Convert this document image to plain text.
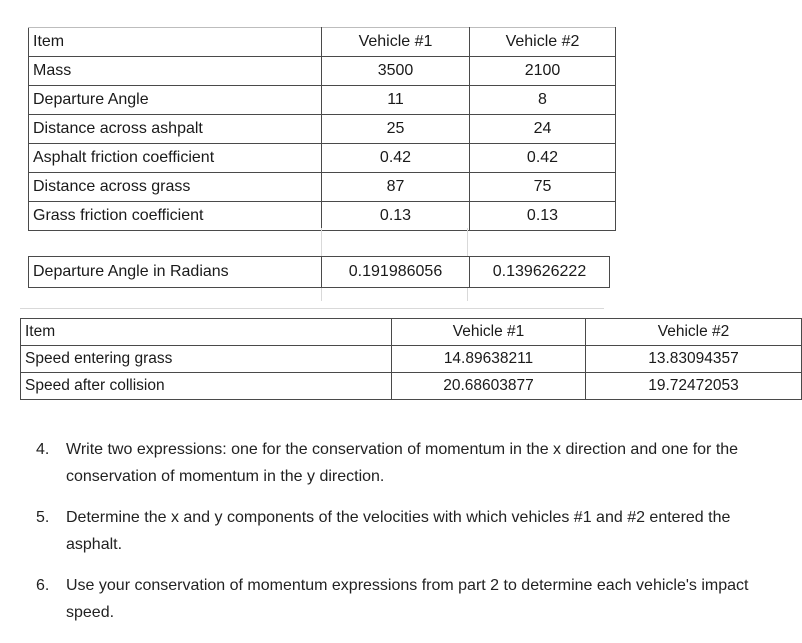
Item	Vehicle #1	Vehicle #2
Mass	3500	2100
Departure Angle	11	8
Distance across ashpalt	25	24
Asphalt friction coefficient	0.42	0.42
Distance across grass	87	75
Grass friction coefficient	0.13	0.13
Departure Angle in Radians	0.191986056	0.139626222
Item	Vehicle #1	Vehicle #2
Speed entering grass	14.89638211	13.83094357
Speed after collision	20.68603877	19.72472053
4. Write two expressions: one for the conservation of momentum in the x direction and one for the conservation of momentum in the y direction.
5. Determine the x and y components of the velocities with which vehicles #1 and #2 entered the asphalt.
6. Use your conservation of momentum expressions from part 2 to determine each vehicle's impact speed.
